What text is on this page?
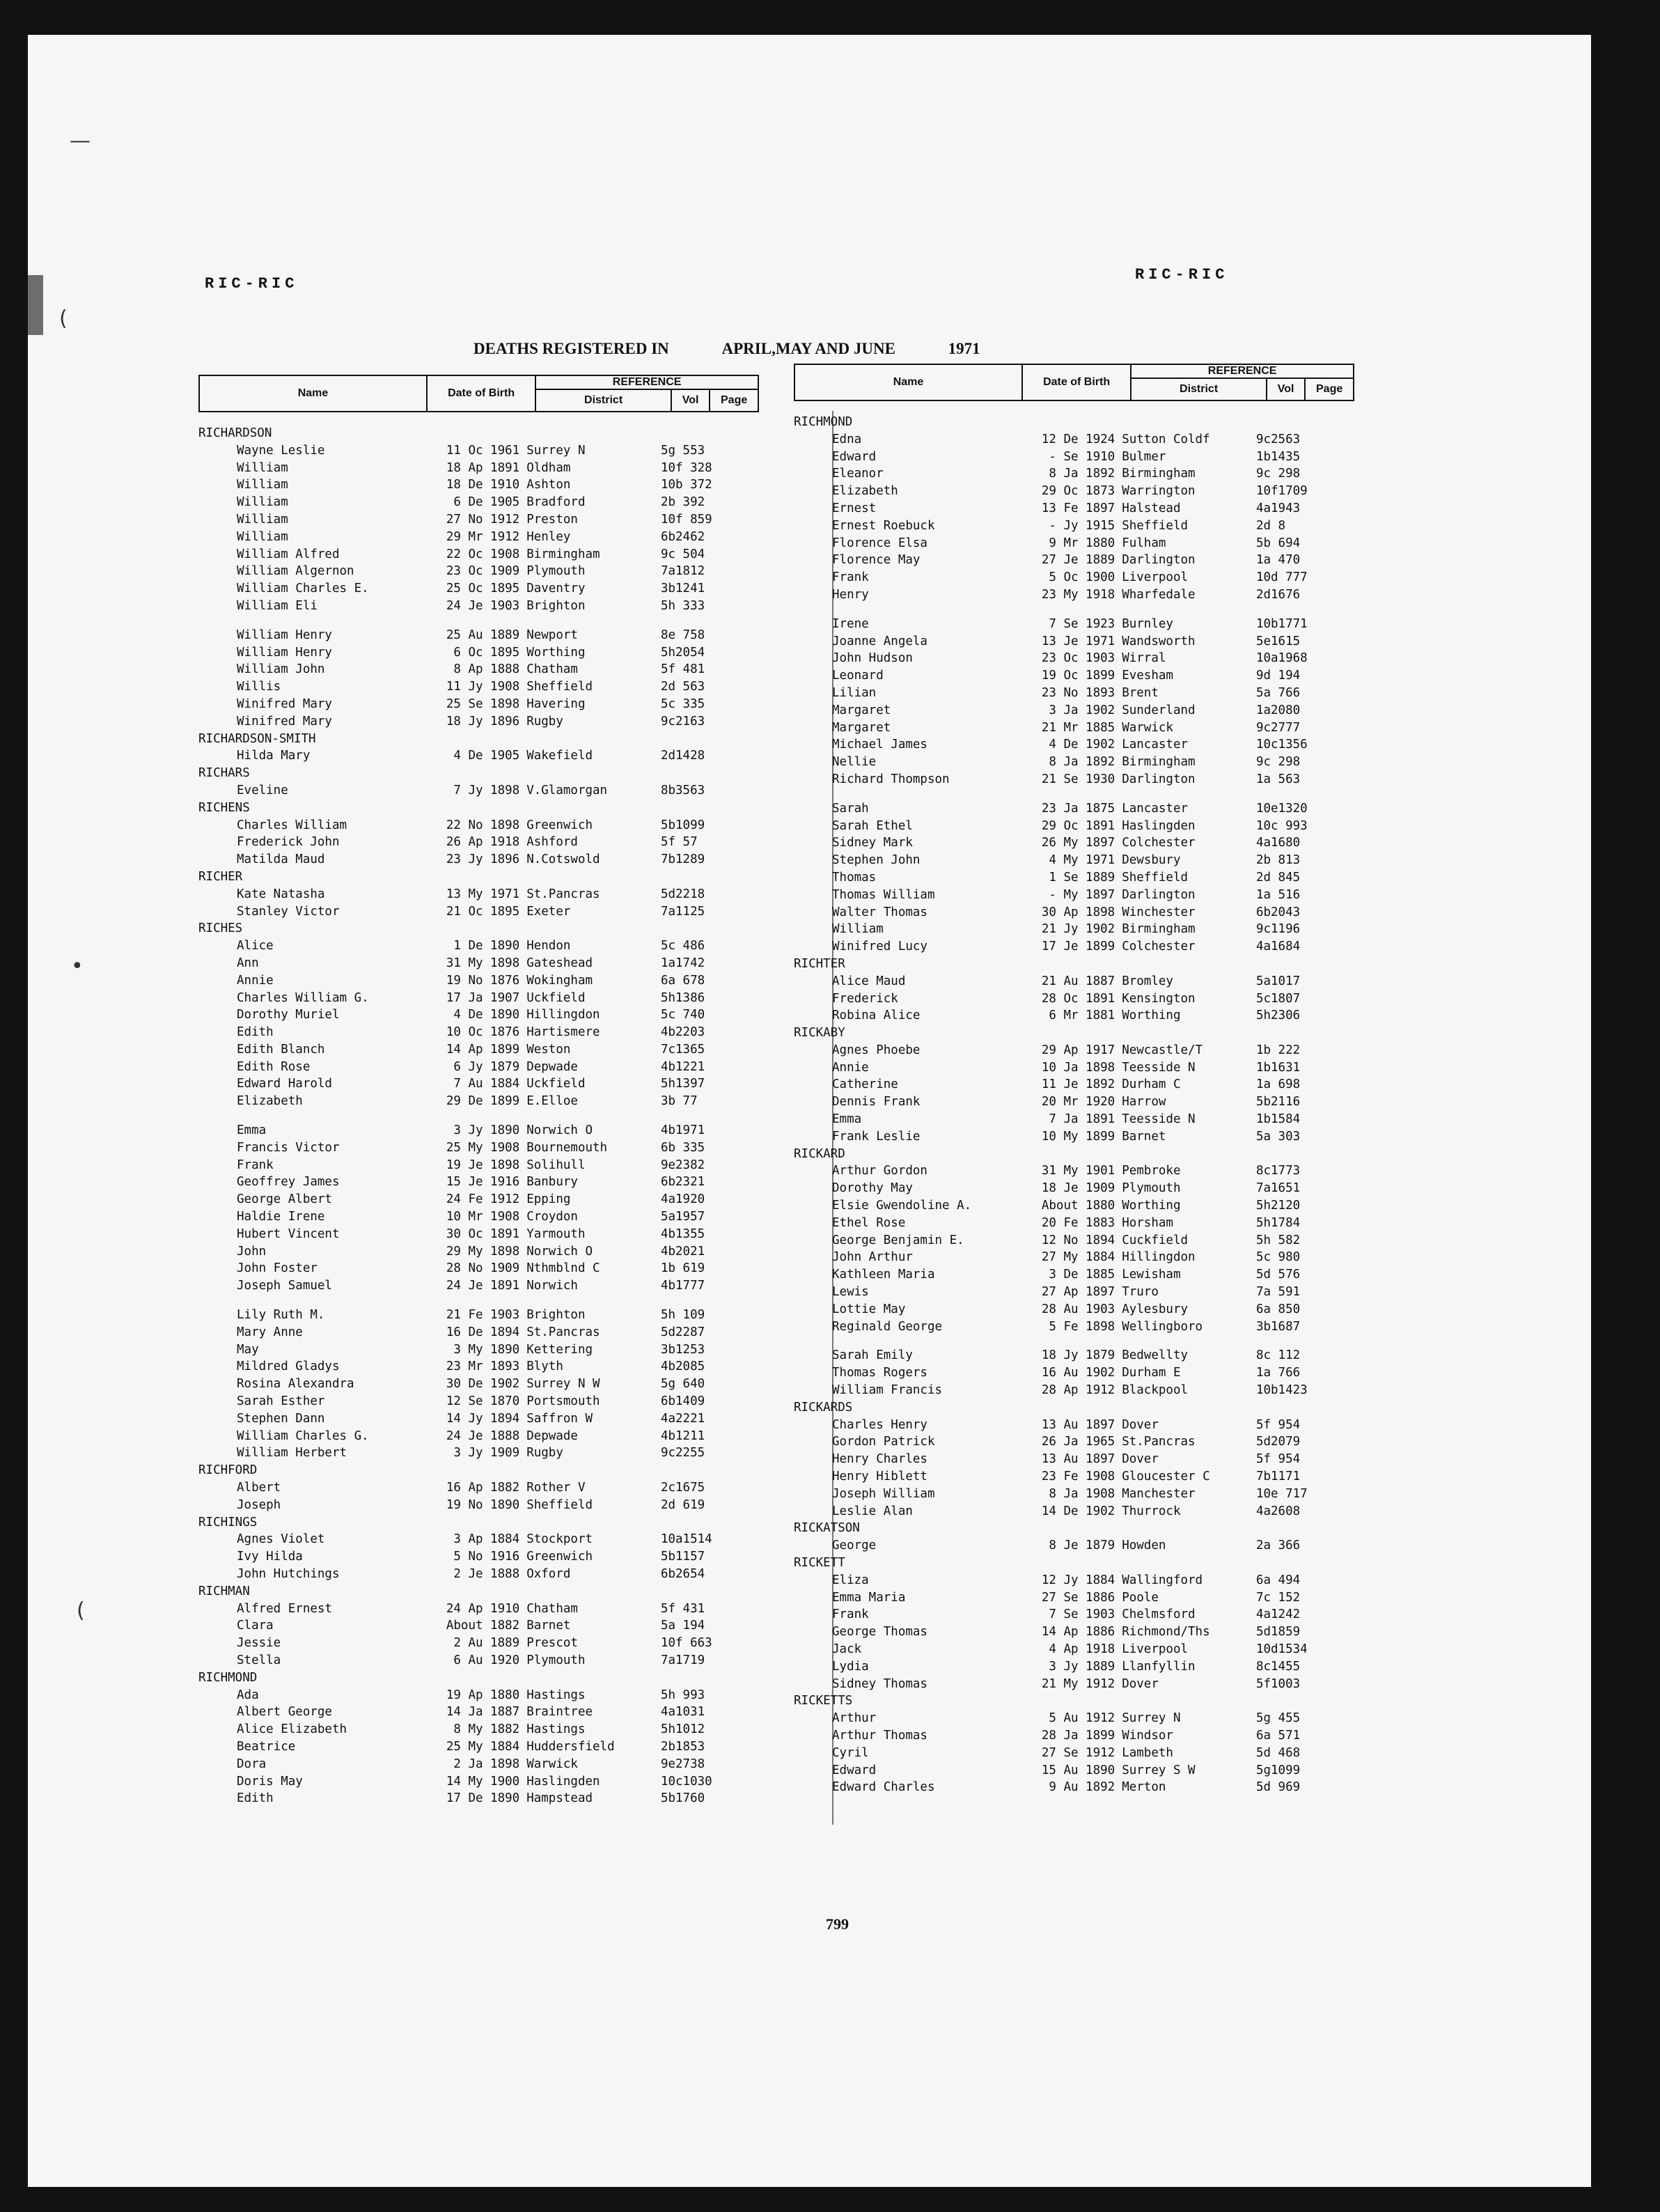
—
(
•
(
RIC-RIC
RIC-RIC
DEATHS REGISTERED IN	APRIL,MAY AND JUNE	1971
Name	Date of Birth	REFERENCE		
		District	Vol	Page
RICHARDSON
Wayne Leslie	11 Oc 1961 Surrey N	5g 553
William	18 Ap 1891 Oldham	10f 328
William	18 De 1910 Ashton	10b 372
William	6 De 1905 Bradford	2b 392
William	27 No 1912 Preston	10f 859
William	29 Mr 1912 Henley	6b2462
William Alfred	22 Oc 1908 Birmingham	9c 504
William Algernon	23 Oc 1909 Plymouth	7a1812
William Charles E.	25 Oc 1895 Daventry	3b1241
William Eli	24 Je 1903 Brighton	5h 333
William Henry	25 Au 1889 Newport	8e 758
William Henry	6 Oc 1895 Worthing	5h2054
William John	8 Ap 1888 Chatham	5f 481
Willis	11 Jy 1908 Sheffield	2d 563
Winifred Mary	25 Se 1898 Havering	5c 335
Winifred Mary	18 Jy 1896 Rugby	9c2163
RICHARDSON-SMITH
Hilda Mary	4 De 1905 Wakefield	2d1428
RICHARS
Eveline	7 Jy 1898 V.Glamorgan	8b3563
RICHENS
Charles William	22 No 1898 Greenwich	5b1099
Frederick John	26 Ap 1918 Ashford	5f 57
Matilda Maud	23 Jy 1896 N.Cotswold	7b1289
RICHER
Kate Natasha	13 My 1971 St.Pancras	5d2218
Stanley Victor	21 Oc 1895 Exeter	7a1125
RICHES
Alice	1 De 1890 Hendon	5c 486
Ann	31 My 1898 Gateshead	1a1742
Annie	19 No 1876 Wokingham	6a 678
Charles William G.	17 Ja 1907 Uckfield	5h1386
Dorothy Muriel	4 De 1890 Hillingdon	5c 740
Edith	10 Oc 1876 Hartismere	4b2203
Edith Blanch	14 Ap 1899 Weston	7c1365
Edith Rose	6 Jy 1879 Depwade	4b1221
Edward Harold	7 Au 1884 Uckfield	5h1397
Elizabeth	29 De 1899 E.Elloe	3b 77
Emma	3 Jy 1890 Norwich O	4b1971
Francis Victor	25 My 1908 Bournemouth	6b 335
Frank	19 Je 1898 Solihull	9e2382
Geoffrey James	15 Je 1916 Banbury	6b2321
George Albert	24 Fe 1912 Epping	4a1920
Haldie Irene	10 Mr 1908 Croydon	5a1957
Hubert Vincent	30 Oc 1891 Yarmouth	4b1355
John	29 My 1898 Norwich O	4b2021
John Foster	28 No 1909 Nthmblnd C	1b 619
Joseph Samuel	24 Je 1891 Norwich	4b1777
Lily Ruth M.	21 Fe 1903 Brighton	5h 109
Mary Anne	16 De 1894 St.Pancras	5d2287
May	3 My 1890 Kettering	3b1253
Mildred Gladys	23 Mr 1893 Blyth	4b2085
Rosina Alexandra	30 De 1902 Surrey N W	5g 640
Sarah Esther	12 Se 1870 Portsmouth	6b1409
Stephen Dann	14 Jy 1894 Saffron W	4a2221
William Charles G.	24 Je 1888 Depwade	4b1211
William Herbert	3 Jy 1909 Rugby	9c2255
RICHFORD
Albert	16 Ap 1882 Rother V	2c1675
Joseph	19 No 1890 Sheffield	2d 619
RICHINGS
Agnes Violet	3 Ap 1884 Stockport	10a1514
Ivy Hilda	5 No 1916 Greenwich	5b1157
John Hutchings	2 Je 1888 Oxford	6b2654
RICHMAN
Alfred Ernest	24 Ap 1910 Chatham	5f 431
Clara	About 1882 Barnet	5a 194
Jessie	2 Au 1889 Prescot	10f 663
Stella	6 Au 1920 Plymouth	7a1719
RICHMOND
Ada	19 Ap 1880 Hastings	5h 993
Albert George	14 Ja 1887 Braintree	4a1031
Alice Elizabeth	8 My 1882 Hastings	5h1012
Beatrice	25 My 1884 Huddersfield	2b1853
Dora	2 Ja 1898 Warwick	9e2738
Doris May	14 My 1900 Haslingden	10c1030
Edith	17 De 1890 Hampstead	5b1760
Name	Date of Birth	REFERENCE		
		District	Vol	Page
RICHMOND
Edna	12 De 1924 Sutton Coldf	9c2563
Edward	- Se 1910 Bulmer	1b1435
Eleanor	8 Ja 1892 Birmingham	9c 298
Elizabeth	29 Oc 1873 Warrington	10f1709
Ernest	13 Fe 1897 Halstead	4a1943
Ernest Roebuck	- Jy 1915 Sheffield	2d 8
Florence Elsa	9 Mr 1880 Fulham	5b 694
Florence May	27 Je 1889 Darlington	1a 470
Frank	5 Oc 1900 Liverpool	10d 777
Henry	23 My 1918 Wharfedale	2d1676
Irene	7 Se 1923 Burnley	10b1771
Joanne Angela	13 Je 1971 Wandsworth	5e1615
John Hudson	23 Oc 1903 Wirral	10a1968
Leonard	19 Oc 1899 Evesham	9d 194
Lilian	23 No 1893 Brent	5a 766
Margaret	3 Ja 1902 Sunderland	1a2080
Margaret	21 Mr 1885 Warwick	9c2777
Michael James	4 De 1902 Lancaster	10c1356
Nellie	8 Ja 1892 Birmingham	9c 298
Richard Thompson	21 Se 1930 Darlington	1a 563
Sarah	23 Ja 1875 Lancaster	10e1320
Sarah Ethel	29 Oc 1891 Haslingden	10c 993
Sidney Mark	26 My 1897 Colchester	4a1680
Stephen John	4 My 1971 Dewsbury	2b 813
Thomas	1 Se 1889 Sheffield	2d 845
Thomas William	- My 1897 Darlington	1a 516
Walter Thomas	30 Ap 1898 Winchester	6b2043
William	21 Jy 1902 Birmingham	9c1196
Winifred Lucy	17 Je 1899 Colchester	4a1684
RICHTER
Alice Maud	21 Au 1887 Bromley	5a1017
Frederick	28 Oc 1891 Kensington	5c1807
Robina Alice	6 Mr 1881 Worthing	5h2306
RICKABY
Agnes Phoebe	29 Ap 1917 Newcastle/T	1b 222
Annie	10 Ja 1898 Teesside N	1b1631
Catherine	11 Je 1892 Durham C	1a 698
Dennis Frank	20 Mr 1920 Harrow	5b2116
Emma	7 Ja 1891 Teesside N	1b1584
Frank Leslie	10 My 1899 Barnet	5a 303
RICKARD
Arthur Gordon	31 My 1901 Pembroke	8c1773
Dorothy May	18 Je 1909 Plymouth	7a1651
Elsie Gwendoline A.	About 1880 Worthing	5h2120
Ethel Rose	20 Fe 1883 Horsham	5h1784
George Benjamin E.	12 No 1894 Cuckfield	5h 582
John Arthur	27 My 1884 Hillingdon	5c 980
Kathleen Maria	3 De 1885 Lewisham	5d 576
Lewis	27 Ap 1897 Truro	7a 591
Lottie May	28 Au 1903 Aylesbury	6a 850
Reginald George	5 Fe 1898 Wellingboro	3b1687
Sarah Emily	18 Jy 1879 Bedwellty	8c 112
Thomas Rogers	16 Au 1902 Durham E	1a 766
William Francis	28 Ap 1912 Blackpool	10b1423
RICKARDS
Charles Henry	13 Au 1897 Dover	5f 954
Gordon Patrick	26 Ja 1965 St.Pancras	5d2079
Henry Charles	13 Au 1897 Dover	5f 954
Henry Hiblett	23 Fe 1908 Gloucester C	7b1171
Joseph William	8 Ja 1908 Manchester	10e 717
Leslie Alan	14 De 1902 Thurrock	4a2608
RICKATSON
George	8 Je 1879 Howden	2a 366
RICKETT
Eliza	12 Jy 1884 Wallingford	6a 494
Emma Maria	27 Se 1886 Poole	7c 152
Frank	7 Se 1903 Chelmsford	4a1242
George Thomas	14 Ap 1886 Richmond/Ths	5d1859
Jack	4 Ap 1918 Liverpool	10d1534
Lydia	3 Jy 1889 Llanfyllin	8c1455
Sidney Thomas	21 My 1912 Dover	5f1003
RICKETTS
Arthur	5 Au 1912 Surrey N	5g 455
Arthur Thomas	28 Ja 1899 Windsor	6a 571
Cyril	27 Se 1912 Lambeth	5d 468
Edward	15 Au 1890 Surrey S W	5g1099
Edward Charles	9 Au 1892 Merton	5d 969
799
